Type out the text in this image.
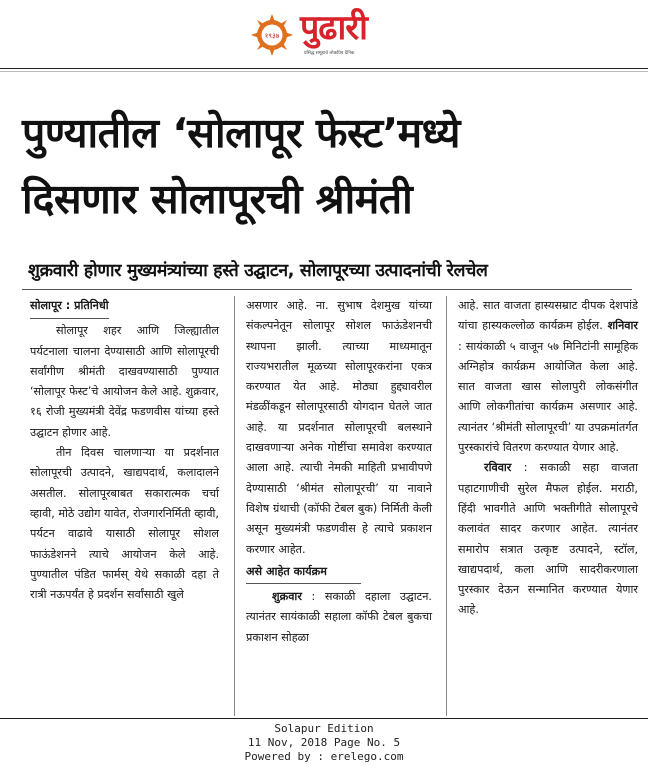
१९३७ पुढारी
प्रसिद्ध समूहाचे लोकप्रिय दैनिक
पुण्यातील ‘सोलापूर फेस्ट’मध्ये
दिसणार सोलापूरची श्रीमंती
शुक्रवारी होणार मुख्यमंत्र्यांच्या हस्ते उद्घाटन, सोलापूरच्या उत्पादनांची रेलचेल
सोलापूर : प्रतिनिधी

सोलापूर शहर आणि जिल्ह्यातील पर्यटनाला चालना देण्यासाठी आणि सोलापूरची सर्वांगीण श्रीमंती दाखवण्यासाठी पुण्यात ‘सोलापूर फेस्ट’चे आयोजन केले आहे. शुक्रवार, १६ रोजी मुख्यमंत्री देवेंद्र फडणवीस यांच्या हस्ते उद्घाटन होणार आहे.

तीन दिवस चालणाऱ्या या प्रदर्शनात सोलापूरची उत्पादने, खाद्यपदार्थ, कलादालने असतील. सोलापूरबाबत सकारात्मक चर्चा व्हावी, मोठे उद्योग यावेत, रोजगारनिर्मिती व्हावी, पर्यटन वाढावे यासाठी सोलापूर सोशल फाऊंडेशनने त्याचे आयोजन केले आहे. पुण्यातील पंडित फार्मस् येथे सकाळी दहा ते रात्री नऊपर्यंत हे प्रदर्शन सर्वांसाठी खुले

असणार आहे. ना. सुभाष देशमुख यांच्या संकल्पनेतून सोलापूर सोशल फाऊंडेशनची स्थापना झाली. त्याच्या माध्यमातून राज्यभरातील मूळच्या सोलापूरकरांना एकत्र करण्यात येत आहे. मोठ्या हुद्द्यावरील मंडळींकडून सोलापूरसाठी योगदान घेतले जात आहे. या प्रदर्शनात सोलापूरची बलस्थाने दाखवणाऱ्या अनेक गोष्टींचा समावेश करण्यात आला आहे. त्याची नेमकी माहिती प्रभावीपणे देण्यासाठी ‘श्रीमंत सोलापूरची’ या नावाने विशेष ग्रंथाची (कॉफी टेबल बुक) निर्मिती केली असून मुख्यमंत्री फडणवीस हे त्याचे प्रकाशन करणार आहेत.

असे आहेत कार्यक्रम

शुक्रवार : सकाळी दहाला उद्घाटन. त्यानंतर सायंकाळी सहाला कॉफी टेबल बुकचा प्रकाशन सोहळा

आहे. सात वाजता हास्यसम्राट दीपक देशपांडे यांचा हास्यकल्लोळ कार्यक्रम होईल. शनिवार : सायंकाळी ५ वाजून ५७ मिनिटांनी सामूहिक अग्निहोत्र कार्यक्रम आयोजित केला आहे. सात वाजता खास सोलापुरी लोकसंगीत आणि लोकगीतांचा कार्यक्रम असणार आहे. त्यानंतर ‘श्रीमंती सोलापूरची’ या उपक्रमांतर्गत पुरस्कारांचे वितरण करण्यात येणार आहे.

रविवार : सकाळी सहा वाजता पहाटगाणीची सुरेल मैफल होईल. मराठी, हिंदी भावगीते आणि भक्तीगीते सोलापूरचे कलावंत सादर करणार आहेत. त्यानंतर समारोप सत्रात उत्कृष्ट उत्पादने, स्टॉल, खाद्यपदार्थ, कला आणि सादरीकरणाला पुरस्कार देऊन सन्मानित करण्यात येणार आहे.

Solapur Edition
11 Nov, 2018 Page No. 5
Powered by : erelego.com
